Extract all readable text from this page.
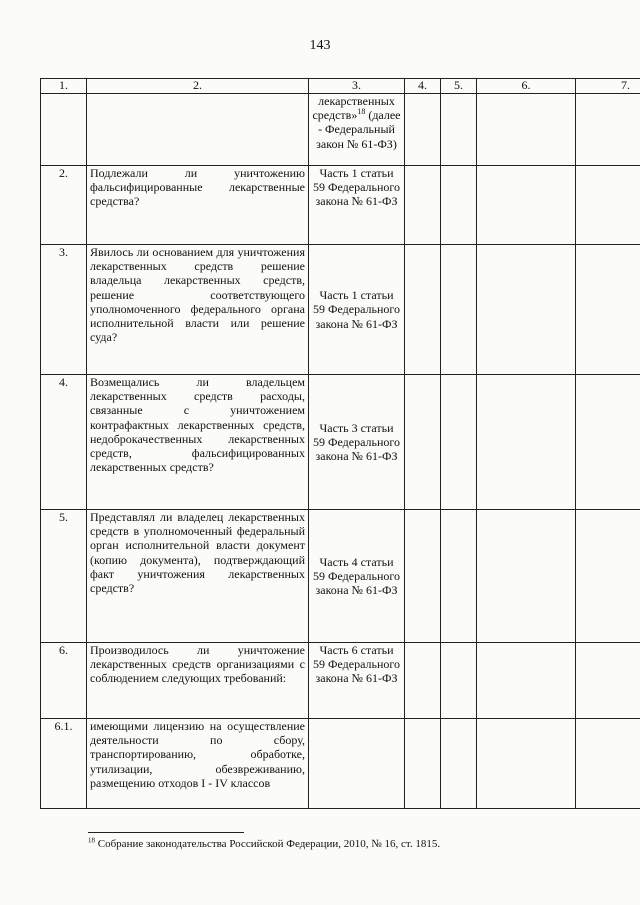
143
1.	2.	3.	4.	5.	6.	7.
		лекарственных средств»$^{18}$ (далее - Федеральный закон № 61-ФЗ)				
2.	Подлежали ли уничтожению фальсифицированные лекарственные средства?	Часть 1 статьи 59 Федерального закона № 61-ФЗ				
3.	Явилось ли основанием для уничтожения лекарственных средств решение владельца лекарственных средств, решение соответствующего уполномоченного федерального органа исполнительной власти или решение суда?	Часть 1 статьи 59 Федерального закона № 61-ФЗ				
4.	Возмещались ли владельцем лекарственных средств расходы, связанные с уничтожением контрафактных лекарственных средств, недоброкачественных лекарственных средств, фальсифицированных лекарственных средств?	Часть 3 статьи 59 Федерального закона № 61-ФЗ				
5.	Представлял ли владелец лекарственных средств в уполномоченный федеральный орган исполнительной власти документ (копию документа), подтверждающий факт уничтожения лекарственных средств?	Часть 4 статьи 59 Федерального закона № 61-ФЗ				
6.	Производилось ли уничтожение лекарственных средств организациями с соблюдением следующих требований:	Часть 6 статьи 59 Федерального закона № 61-ФЗ				
6.1.	имеющими лицензию на осуществление деятельности по сбору, транспортированию, обработке, утилизации, обезвреживанию, размещению отходов I - IV классов					
$^{18}$ Собрание законодательства Российской Федерации, 2010, № 16, ст. 1815.
